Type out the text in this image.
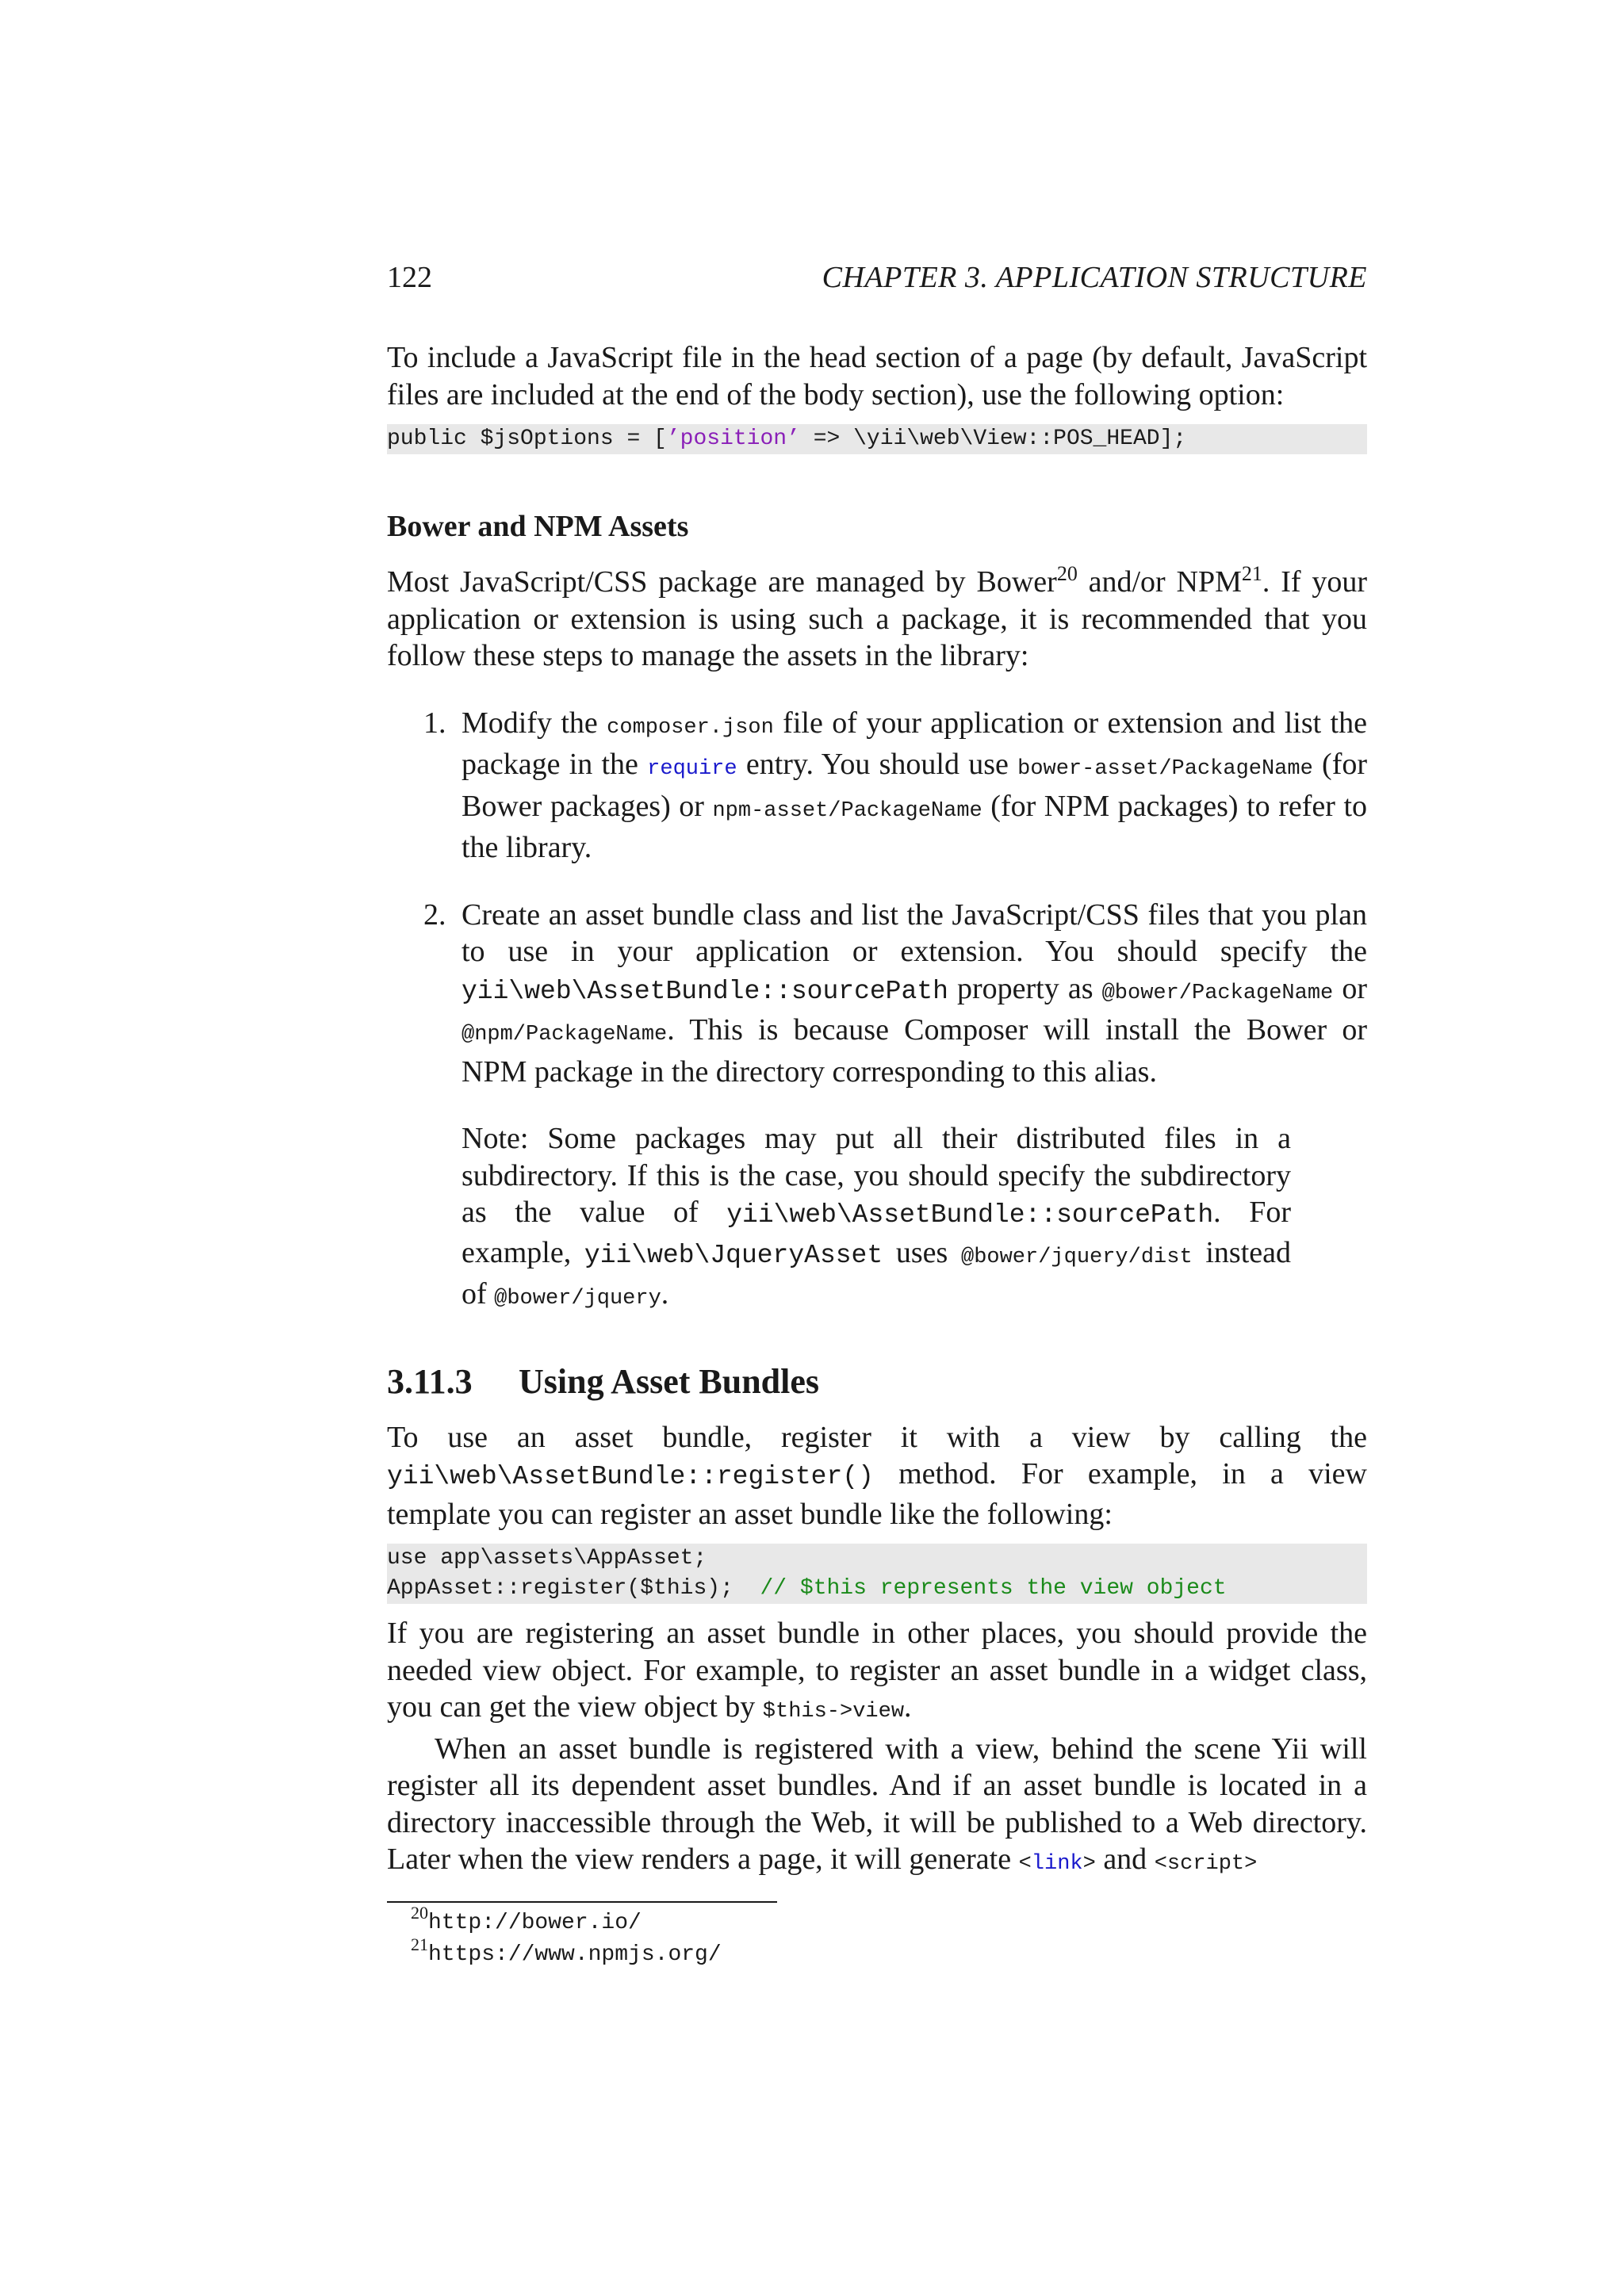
122	CHAPTER 3. APPLICATION STRUCTURE

To include a JavaScript file in the head section of a page (by default, JavaScript files are included at the end of the body section), use the following option:

public $jsOptions = [’position’ => \yii\web\View::POS_HEAD];
Bower and NPM Assets

Most JavaScript/CSS package are managed by Bower$^{20}$ and/or NPM$^{21}$. If your application or extension is using such a package, it is recommended that you follow these steps to manage the assets in the library:

1. Modify the composer.json file of your application or extension and list the package in the require entry. You should use bower-asset/PackageName (for Bower packages) or npm-asset/PackageName (for NPM packages) to refer to the library.
2. Create an asset bundle class and list the JavaScript/CSS files that you plan to use in your application or extension. You should specify the yii\web\AssetBundle::sourcePath property as @bower/PackageName or @npm/PackageName. This is because Composer will install the Bower or NPM package in the directory corresponding to this alias.

Note: Some packages may put all their distributed files in a subdirectory. If this is the case, you should specify the subdirectory as the value of yii\web\AssetBundle::sourcePath. For example, yii\web\JqueryAsset uses @bower/jquery/dist instead of @bower/jquery.

3.11.3 Using Asset Bundles

To use an asset bundle, register it with a view by calling the yii\web\AssetBundle::register() method. For example, in a view template you can register an asset bundle like the following:

use app\assets\AppAsset;
AppAsset::register($this);  // $this represents the view object

If you are registering an asset bundle in other places, you should provide the needed view object. For example, to register an asset bundle in a widget class, you can get the view object by $this->view.

When an asset bundle is registered with a view, behind the scene Yii will register all its dependent asset bundles. And if an asset bundle is located in a directory inaccessible through the Web, it will be published to a Web directory. Later when the view renders a page, it will generate <link> and <script>

$^{20}$http://bower.io/
$^{21}$https://www.npmjs.org/
